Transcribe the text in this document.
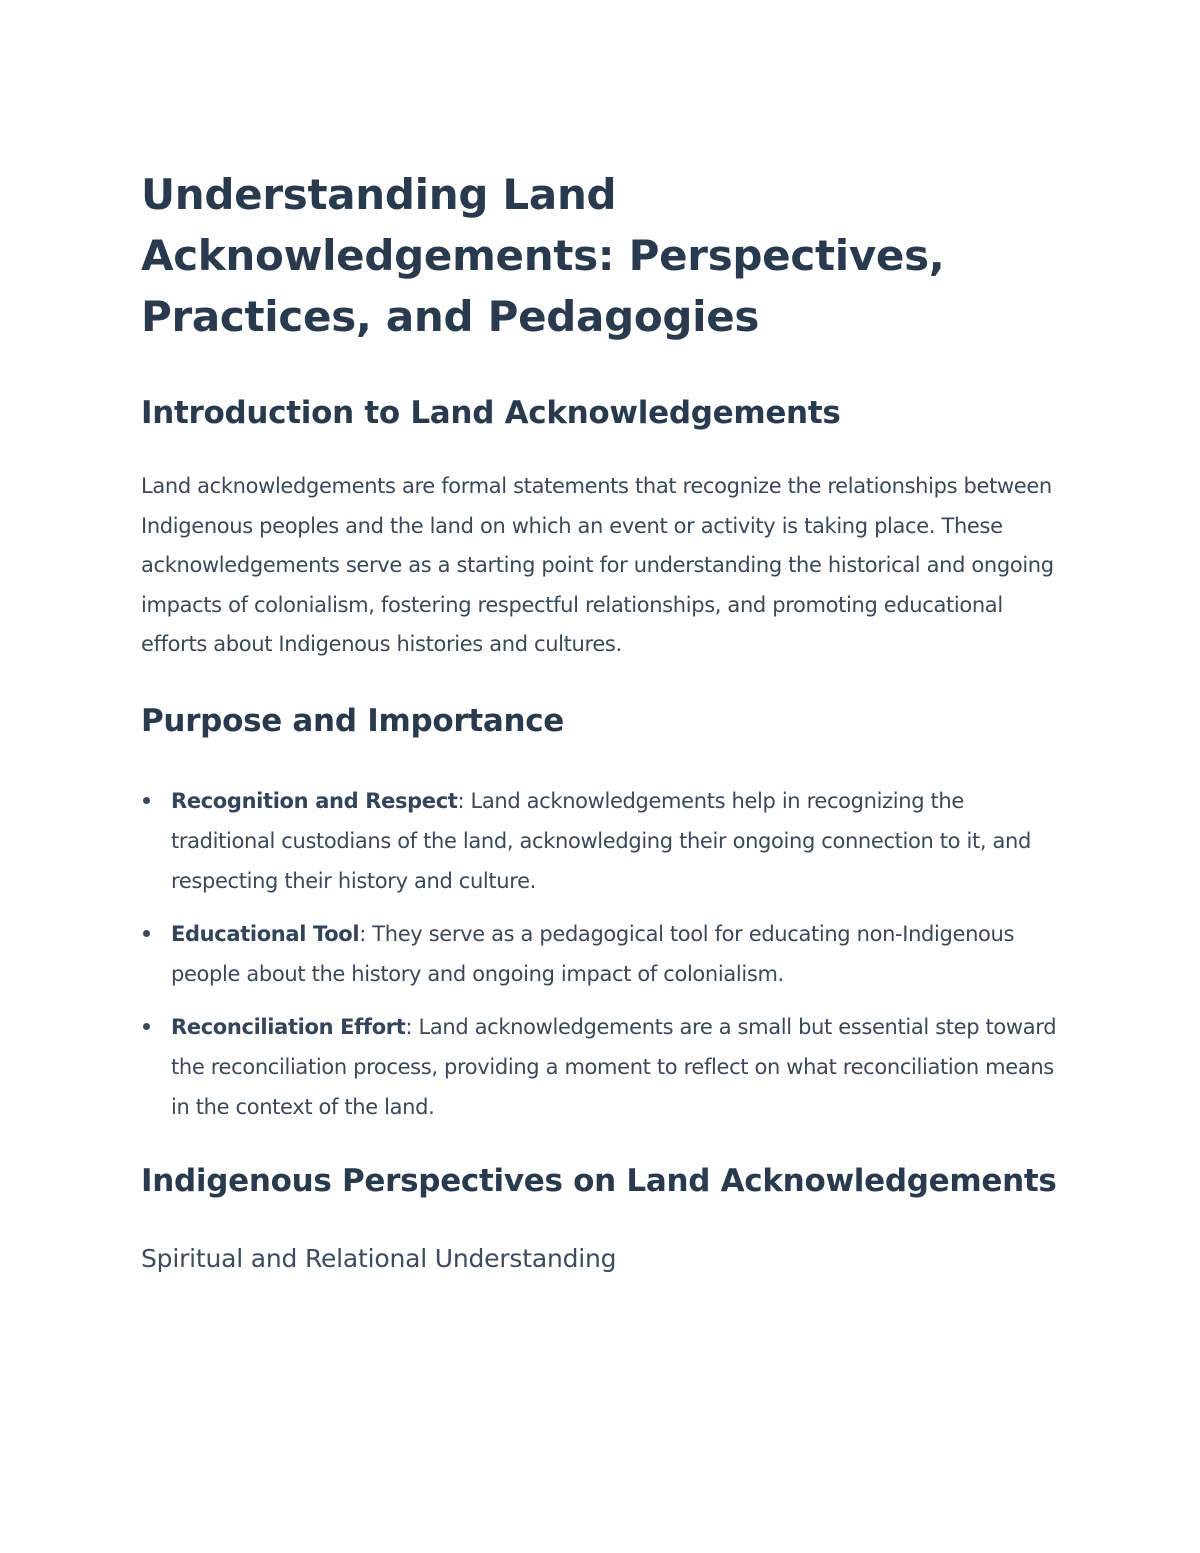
Understanding Land Acknowledgements: Perspectives, Practices, and Pedagogies
Introduction to Land Acknowledgements

Land acknowledgements are formal statements that recognize the relationships between Indigenous peoples and the land on which an event or activity is taking place. These acknowledgements serve as a starting point for understanding the historical and ongoing impacts of colonialism, fostering respectful relationships, and promoting educational efforts about Indigenous histories and cultures.

Purpose and Importance
Recognition and Respect: Land acknowledgements help in recognizing the traditional custodians of the land, acknowledging their ongoing connection to it, and respecting their history and culture.
Educational Tool: They serve as a pedagogical tool for educating non-Indigenous people about the history and ongoing impact of colonialism.
Reconciliation Effort: Land acknowledgements are a small but essential step toward the reconciliation process, providing a moment to reflect on what reconciliation means in the context of the land.
Indigenous Perspectives on Land Acknowledgements
Spiritual and Relational Understanding
